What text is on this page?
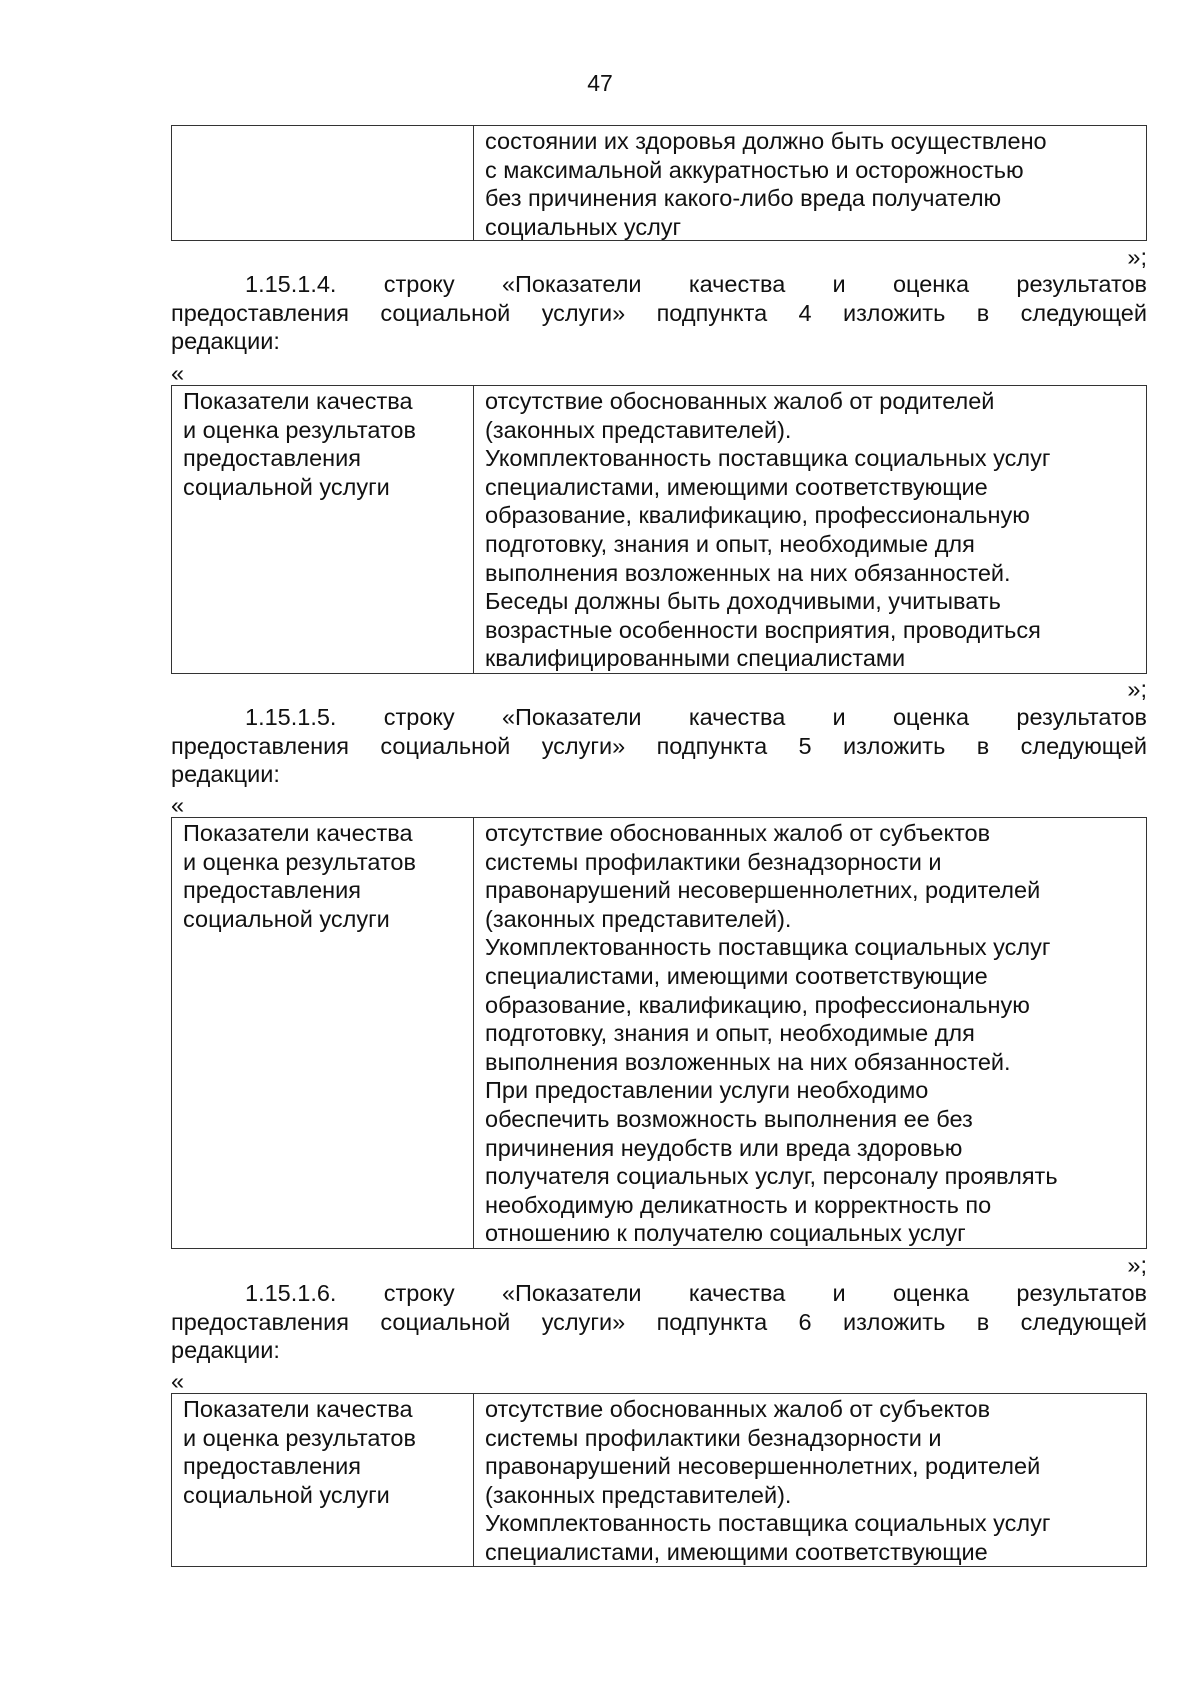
47

состоянии их здоровья должно быть осуществлено
с максимальной аккуратностью и осторожностью
без причинения какого-либо вреда получателю
социальных услуг

»;

1.15.1.4. строку «Показатели качества и оценка результатов
предоставления социальной услуги» подпункта 4 изложить в следующей
редакции:

«

Показатели качества
и оценка результатов
предоставления
социальной услуги

отсутствие обоснованных жалоб от родителей
(законных представителей).
Укомплектованность поставщика социальных услуг
специалистами, имеющими соответствующие
образование, квалификацию, профессиональную
подготовку, знания и опыт, необходимые для
выполнения возложенных на них обязанностей.
Беседы должны быть доходчивыми, учитывать
возрастные особенности восприятия, проводиться
квалифицированными специалистами

»;

1.15.1.5. строку «Показатели качества и оценка результатов
предоставления социальной услуги» подпункта 5 изложить в следующей
редакции:

«

Показатели качества
и оценка результатов
предоставления
социальной услуги

отсутствие обоснованных жалоб от субъектов
системы профилактики безнадзорности и
правонарушений несовершеннолетних, родителей
(законных представителей).
Укомплектованность поставщика социальных услуг
специалистами, имеющими соответствующие
образование, квалификацию, профессиональную
подготовку, знания и опыт, необходимые для
выполнения возложенных на них обязанностей.
При предоставлении услуги необходимо
обеспечить возможность выполнения ее без
причинения неудобств или вреда здоровью
получателя социальных услуг, персоналу проявлять
необходимую деликатность и корректность по
отношению к получателю социальных услуг

»;

1.15.1.6. строку «Показатели качества и оценка результатов
предоставления социальной услуги» подпункта 6 изложить в следующей
редакции:

«

Показатели качества
и оценка результатов
предоставления
социальной услуги

отсутствие обоснованных жалоб от субъектов
системы профилактики безнадзорности и
правонарушений несовершеннолетних, родителей
(законных представителей).
Укомплектованность поставщика социальных услуг
специалистами, имеющими соответствующие
